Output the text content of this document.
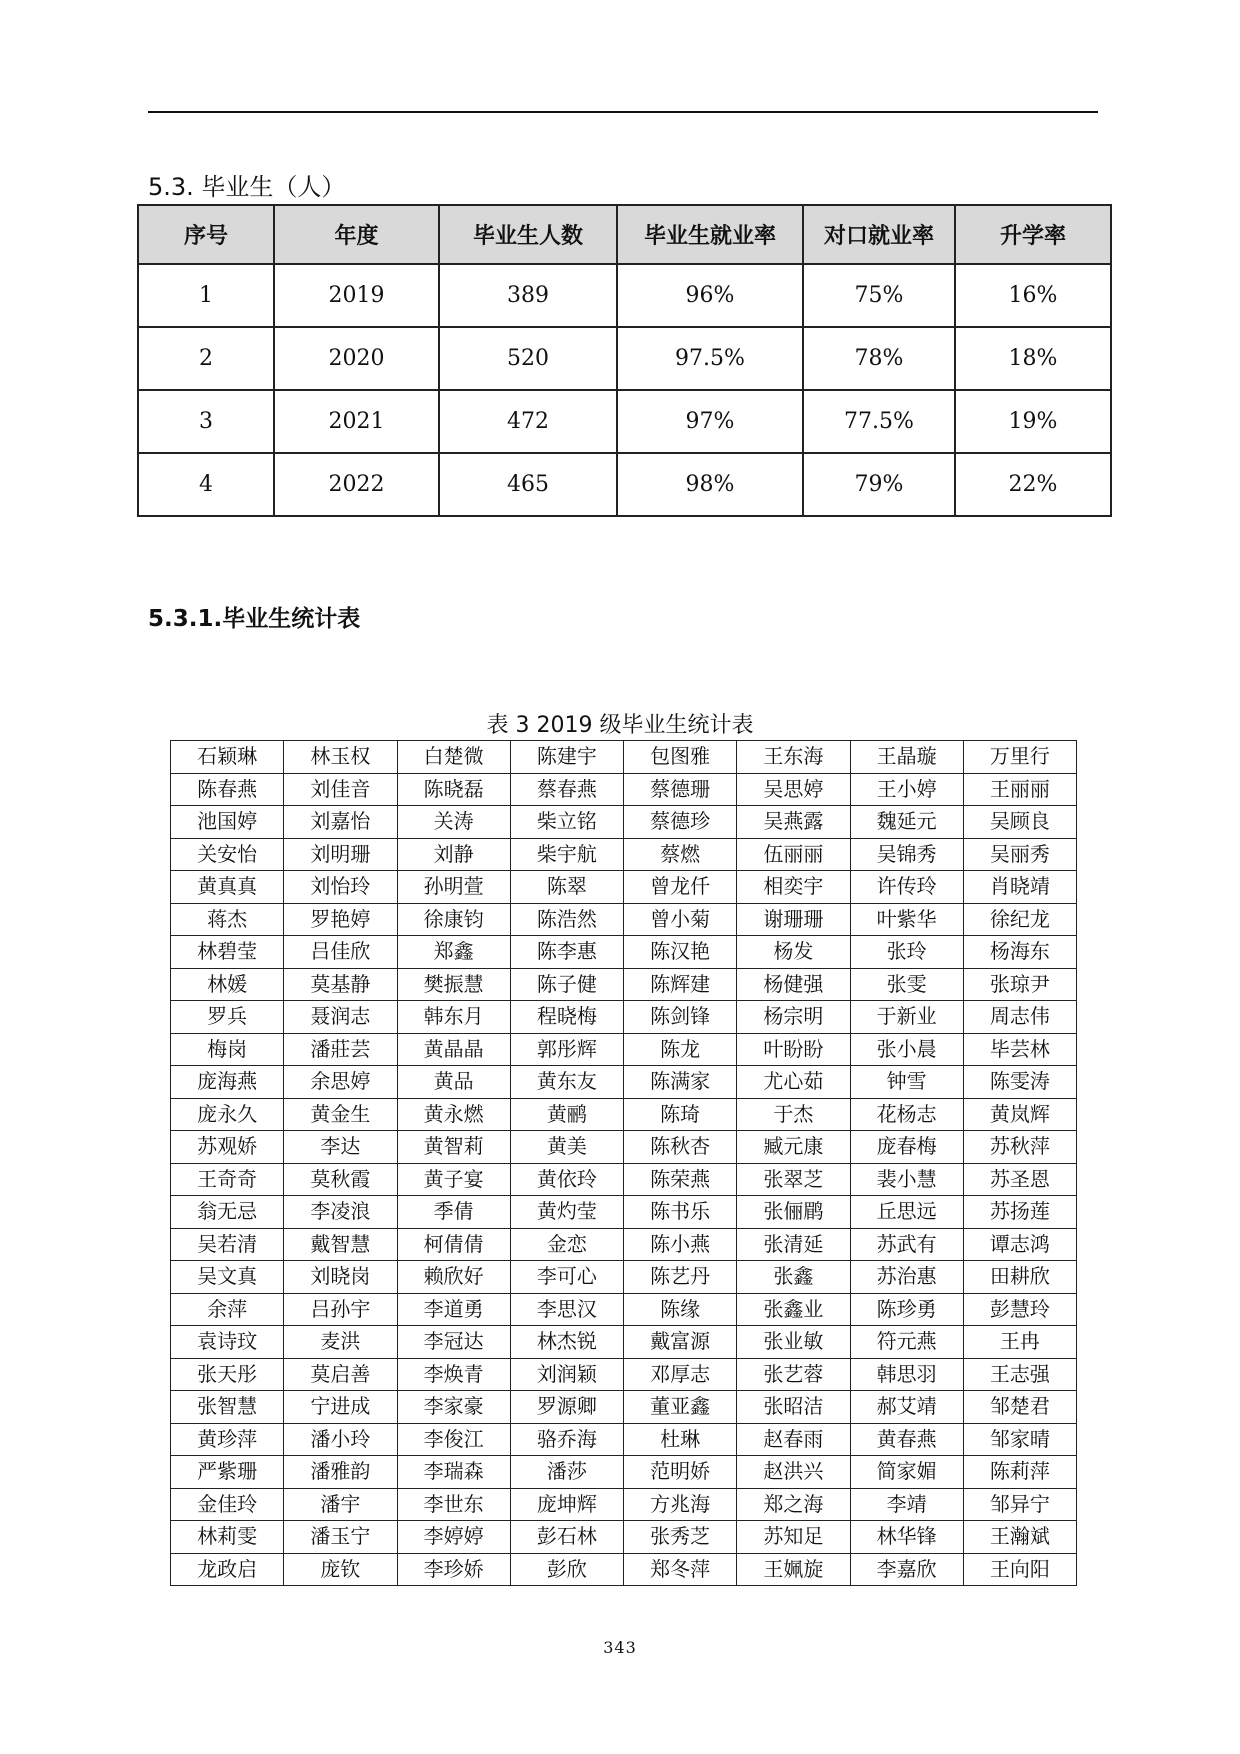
5.3. 毕业生（人）
序号	年度	毕业生人数	毕业生就业率	对口就业率	升学率
1	2019	389	96%	75%	16%
2	2020	520	97.5%	78%	18%
3	2021	472	97%	77.5%	19%
4	2022	465	98%	79%	22%
5.3.1.毕业生统计表

表 3 2019 级毕业生统计表

石颖琳	林玉权	白楚微	陈建宇	包图雅	王东海	王晶璇	万里行
陈春燕	刘佳音	陈晓磊	蔡春燕	蔡德珊	吴思婷	王小婷	王丽丽
池国婷	刘嘉怡	关涛	柴立铭	蔡德珍	吴燕露	魏延元	吴顾良
关安怡	刘明珊	刘静	柴宇航	蔡燃	伍丽丽	吴锦秀	吴丽秀
黄真真	刘怡玲	孙明萱	陈翠	曾龙仟	相奕宇	许传玲	肖晓靖
蒋杰	罗艳婷	徐康钧	陈浩然	曾小菊	谢珊珊	叶紫华	徐纪龙
林碧莹	吕佳欣	郑鑫	陈李惠	陈汉艳	杨发	张玲	杨海东
林媛	莫基静	樊振慧	陈子健	陈辉建	杨健强	张雯	张琼尹
罗兵	聂润志	韩东月	程晓梅	陈剑锋	杨宗明	于新业	周志伟
梅岗	潘莊芸	黄晶晶	郭彤辉	陈龙	叶盼盼	张小晨	毕芸林
庞海燕	余思婷	黄品	黄东友	陈满家	尤心茹	钟雪	陈雯涛
庞永久	黄金生	黄永燃	黄鹂	陈琦	于杰	花杨志	黄岚辉
苏观娇	李达	黄智莉	黄美	陈秋杏	臧元康	庞春梅	苏秋萍
王奇奇	莫秋霞	黄子宴	黄依玲	陈荣燕	张翠芝	裴小慧	苏圣恩
翁无忌	李凌浪	季倩	黄灼莹	陈书乐	张俪鹛	丘思远	苏扬莲
吴若清	戴智慧	柯倩倩	金恋	陈小燕	张清延	苏武有	谭志鸿
吴文真	刘晓岗	赖欣好	李可心	陈艺丹	张鑫	苏治惠	田耕欣
余萍	吕孙宇	李道勇	李思汉	陈缘	张鑫业	陈珍勇	彭慧玲
袁诗玟	麦洪	李冠达	林杰锐	戴富源	张业敏	符元燕	王冉
张天彤	莫启善	李焕青	刘润颖	邓厚志	张艺蓉	韩思羽	王志强
张智慧	宁进成	李家豪	罗源卿	董亚鑫	张昭洁	郝艾靖	邹楚君
黄珍萍	潘小玲	李俊江	骆乔海	杜琳	赵春雨	黄春燕	邹家晴
严紫珊	潘雅韵	李瑞森	潘莎	范明娇	赵洪兴	简家媚	陈莉萍
金佳玲	潘宇	李世东	庞坤辉	方兆海	郑之海	李靖	邹异宁
林莉雯	潘玉宁	李婷婷	彭石林	张秀芝	苏知足	林华锋	王瀚斌
龙政启	庞钦	李珍娇	彭欣	郑冬萍	王姵旋	李嘉欣	王向阳
343
